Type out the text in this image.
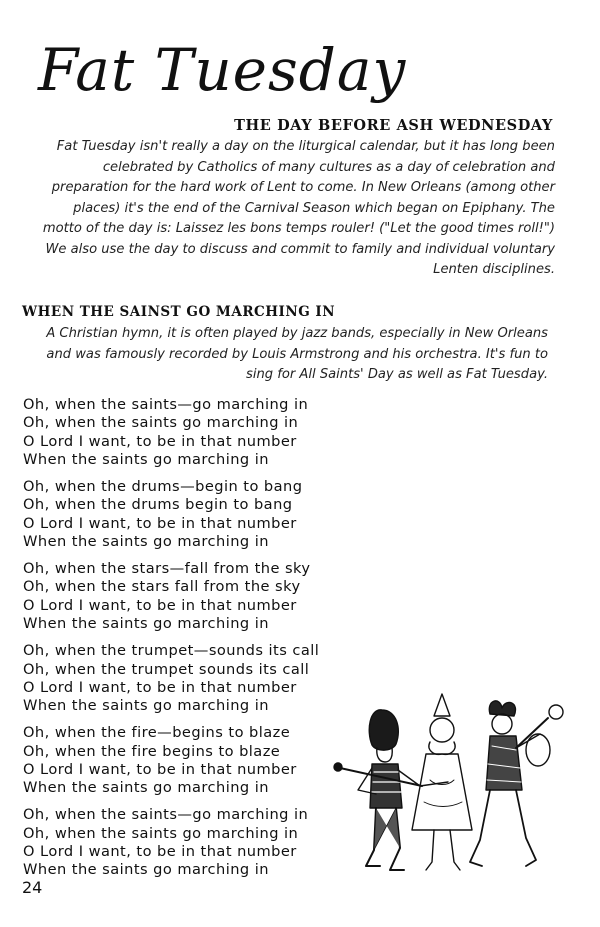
Fat Tuesday
THE DAY BEFORE ASH WEDNESDAY

Fat Tuesday isn't really a day on the liturgical calendar, but it has long been celebrated by Catholics of many cultures as a day of celebration and preparation for the hard work of Lent to come. In New Orleans (among other places) it's the end of the Carnival Season which began on Epiphany. The motto of the day is: Laissez les bons temps rouler! ("Let the good times roll!") We also use the day to discuss and commit to family and individual voluntary Lenten disciplines.

WHEN THE SAINST GO MARCHING IN
A Christian hymn, it is often played by jazz bands, especially in New Orleans and was famously recorded by Louis Armstrong and his orchestra. It's fun to sing for All Saints' Day as well as Fat Tuesday.
Oh, when the saints—go marching in
Oh, when the saints go marching in
O Lord I want, to be in that number
When the saints go marching in
Oh, when the drums—begin to bang
Oh, when the drums begin to bang
O Lord I want, to be in that number
When the saints go marching in
Oh, when the stars—fall from the sky
Oh, when the stars fall from the sky
O Lord I want, to be in that number
When the saints go marching in
Oh, when the trumpet—sounds its call
Oh, when the trumpet sounds its call
O Lord I want, to be in that number
When the saints go marching in
Oh, when the fire—begins to blaze
Oh, when the fire begins to blaze
O Lord I want, to be in that number
When the saints go marching in
Oh, when the saints—go marching in
Oh, when the saints go marching in
O Lord I want, to be in that number
When the saints go marching in
24
